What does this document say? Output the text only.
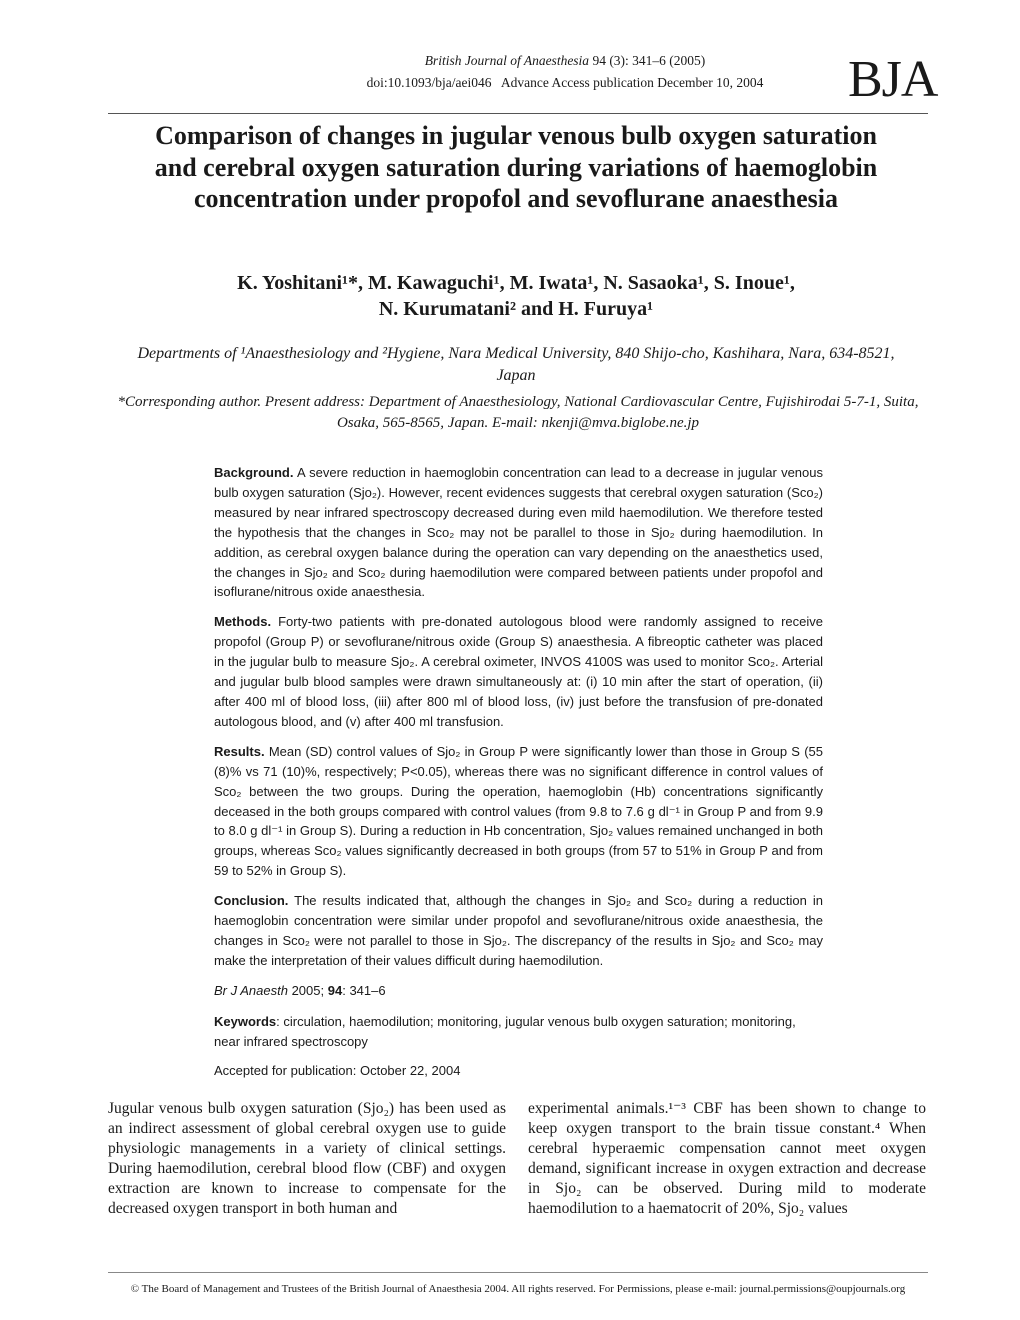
British Journal of Anaesthesia 94 (3): 341–6 (2005)
doi:10.1093/bja/aei046   Advance Access publication December 10, 2004	BJA
Comparison of changes in jugular venous bulb oxygen saturation and cerebral oxygen saturation during variations of haemoglobin concentration under propofol and sevoflurane anaesthesia
K. Yoshitani¹*, M. Kawaguchi¹, M. Iwata¹, N. Sasaoka¹, S. Inoue¹,
N. Kurumatani² and H. Furuya¹
Departments of ¹Anaesthesiology and ²Hygiene, Nara Medical University, 840 Shijo-cho, Kashihara, Nara, 634-8521, Japan
*Corresponding author. Present address: Department of Anaesthesiology, National Cardiovascular Centre, Fujishirodai 5-7-1, Suita, Osaka, 565-8565, Japan. E-mail: nkenji@mva.biglobe.ne.jp

Background. A severe reduction in haemoglobin concentration can lead to a decrease in jugular venous bulb oxygen saturation (Sjo₂). However, recent evidences suggests that cerebral oxygen saturation (Sco₂) measured by near infrared spectroscopy decreased during even mild haemodilution. We therefore tested the hypothesis that the changes in Sco₂ may not be parallel to those in Sjo₂ during haemodilution. In addition, as cerebral oxygen balance during the operation can vary depending on the anaesthetics used, the changes in Sjo₂ and Sco₂ during haemodilution were compared between patients under propofol and isoflurane/nitrous oxide anaesthesia.

Methods. Forty-two patients with pre-donated autologous blood were randomly assigned to receive propofol (Group P) or sevoflurane/nitrous oxide (Group S) anaesthesia. A fibreoptic catheter was placed in the jugular bulb to measure Sjo₂. A cerebral oximeter, INVOS 4100S was used to monitor Sco₂. Arterial and jugular bulb blood samples were drawn simultaneously at: (i) 10 min after the start of operation, (ii) after 400 ml of blood loss, (iii) after 800 ml of blood loss, (iv) just before the transfusion of pre-donated autologous blood, and (v) after 400 ml transfusion.

Results. Mean (SD) control values of Sjo₂ in Group P were significantly lower than those in Group S (55 (8)% vs 71 (10)%, respectively; P<0.05), whereas there was no significant difference in control values of Sco₂ between the two groups. During the operation, haemoglobin (Hb) concentrations significantly deceased in the both groups compared with control values (from 9.8 to 7.6 g dl⁻¹ in Group P and from 9.9 to 8.0 g dl⁻¹ in Group S). During a reduction in Hb concentration, Sjo₂ values remained unchanged in both groups, whereas Sco₂ values significantly decreased in both groups (from 57 to 51% in Group P and from 59 to 52% in Group S).

Conclusion. The results indicated that, although the changes in Sjo₂ and Sco₂ during a reduction in haemoglobin concentration were similar under propofol and sevoflurane/nitrous oxide anaesthesia, the changes in Sco₂ were not parallel to those in Sjo₂. The discrepancy of the results in Sjo₂ and Sco₂ may make the interpretation of their values difficult during haemodilution.

Br J Anaesth 2005; 94: 341–6

Keywords: circulation, haemodilution; monitoring, jugular venous bulb oxygen saturation; monitoring, near infrared spectroscopy

Accepted for publication: October 22, 2004

Jugular venous bulb oxygen saturation (Sjo₂) has been used as an indirect assessment of global cerebral oxygen use to guide physiologic managements in a variety of clinical settings. During haemodilution, cerebral blood flow (CBF) and oxygen extraction are known to increase to compensate for the decreased oxygen transport in both human and

experimental animals.¹⁻³ CBF has been shown to change to keep oxygen transport to the brain tissue constant.⁴ When cerebral hyperaemic compensation cannot meet oxygen demand, significant increase in oxygen extraction and decrease in Sjo₂ can be observed. During mild to moderate haemodilution to a haematocrit of 20%, Sjo₂ values

© The Board of Management and Trustees of the British Journal of Anaesthesia 2004. All rights reserved. For Permissions, please e-mail: journal.permissions@oupjournals.org
